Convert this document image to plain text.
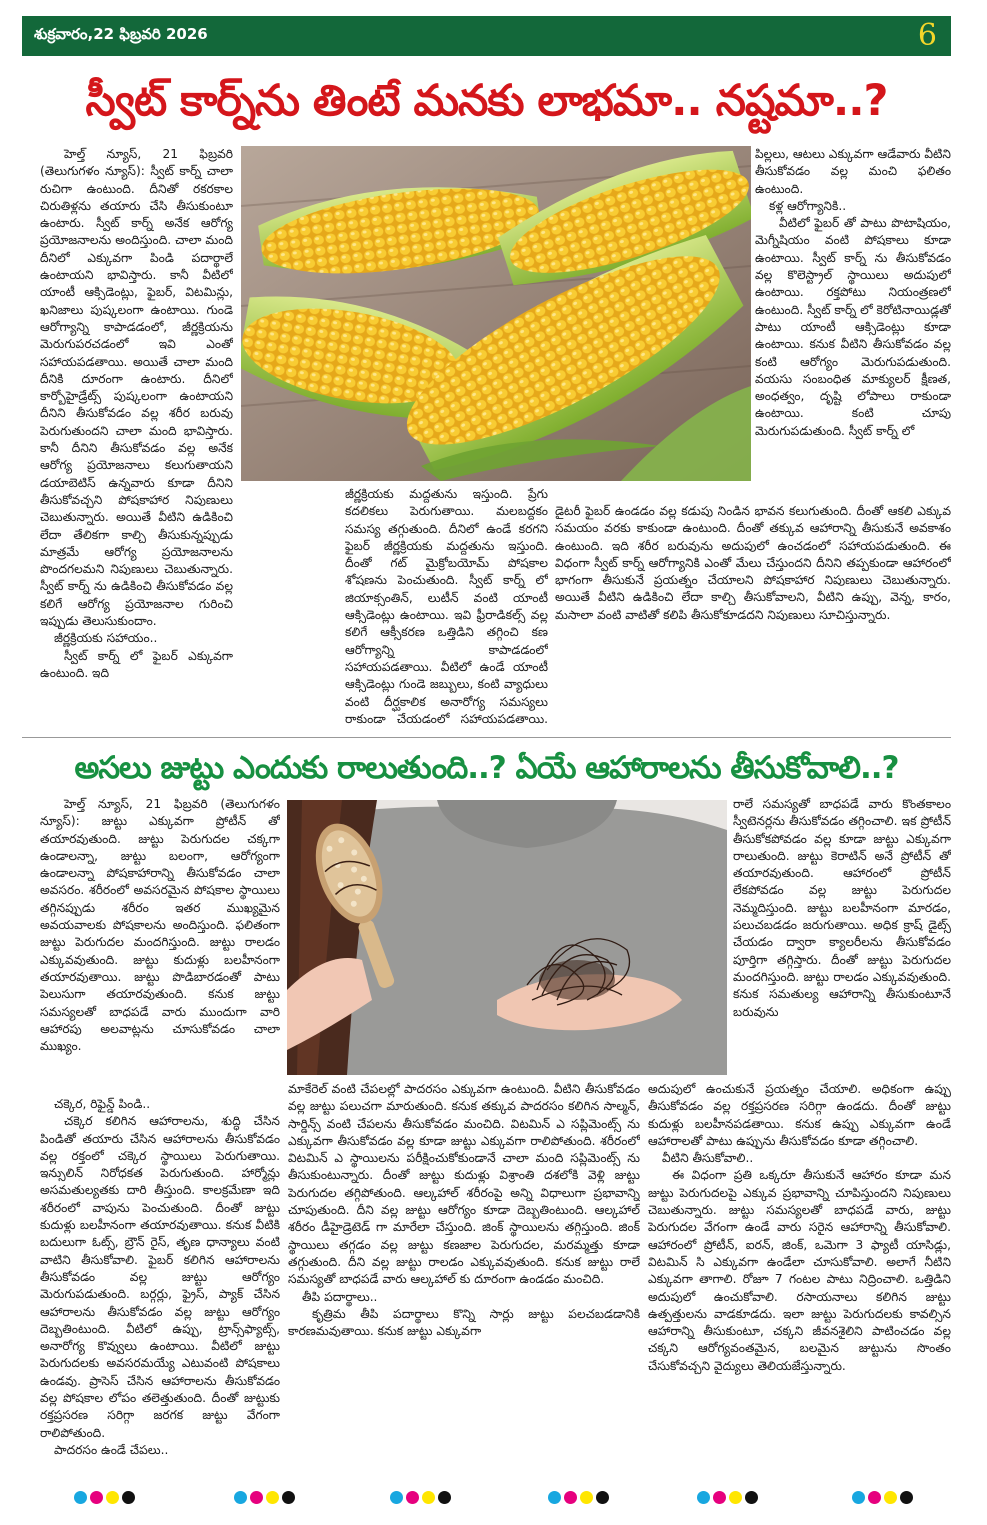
శుక్రవారం,22 ఫిబ్రవరి 2026	6
స్వీట్ కార్న్‌ను తింటే మనకు లాభమా.. నష్టమా..?

హెల్త్ న్యూస్, 21 ఫిబ్రవరి (తెలుగుగళం న్యూస్): స్వీట్ కార్న్ చాలా రుచిగా ఉంటుంది. దీనితో రకరకాల చిరుతిళ్లను తయారు చేసి తీసుకుంటూ ఉంటారు. స్వీట్ కార్న్ అనేక ఆరోగ్య ప్రయోజనాలను అందిస్తుంది. చాలా మంది దీనిలో ఎక్కువగా పిండి పదార్థాలే ఉంటాయని భావిస్తారు. కానీ వీటిలో యాంటీ ఆక్సిడెంట్లు, ఫైబర్, విటమిన్లు, ఖనిజాలు పుష్కలంగా ఉంటాయి. గుండె ఆరోగ్యాన్ని కాపాడడంలో, జీర్ణక్రియను మెరుగుపరచడంలో ఇవి ఎంతో సహాయపడతాయి. అయితే చాలా మంది దీనికి దూరంగా ఉంటారు. దీనిలో కార్బోహైడ్రేట్స్ పుష్కలంగా ఉంటాయని దీనిని తీసుకోవడం వల్ల శరీర బరువు పెరుగుతుందని చాలా మంది భావిస్తారు. కానీ దీనిని తీసుకోవడం వల్ల అనేక ఆరోగ్య ప్రయోజనాలు కలుగుతాయని డయాబెటిస్ ఉన్నవారు కూడా దీనిని తీసుకోవచ్చని పోషకాహార నిపుణులు చెబుతున్నారు. అయితే వీటిని ఉడికించి లేదా తేలికగా కాల్చి తీసుకున్నప్పుడు మాత్రమే ఆరోగ్య ప్రయోజనాలను పొందగలమని నిపుణులు చెబుతున్నారు. స్వీట్ కార్న్ ను ఉడికించి తీసుకోవడం వల్ల కలిగే ఆరోగ్య ప్రయోజనాల గురించి ఇప్పుడు తెలుసుకుందాం.

జీర్ణక్రియకు సహాయం..

స్వీట్ కార్న్ లో ఫైబర్ ఎక్కువగా ఉంటుంది. ఇది

జీర్ణక్రియకు మద్దతును ఇస్తుంది. ప్రేగు కదలికలు పెరుగుతాయి. మలబద్దకం సమస్య తగ్గుతుంది. దీనిలో ఉండే కరగని ఫైబర్ జీర్ణక్రియకు మద్దతును ఇస్తుంది. దీంతో గట్ మైక్రోబయోమ్ పోషకాల శోషణను పెంచుతుంది. స్వీట్ కార్న్ లో జియాక్సంతిన్, లుటీన్ వంటి యాంటీ ఆక్సిడెంట్లు ఉంటాయి. ఇవి ఫ్రీరాడికల్స్ వల్ల కలిగే ఆక్సీకరణ ఒత్తిడిని తగ్గించి కణ ఆరోగ్యాన్ని కాపాడడంలో సహాయపడతాయి. వీటిలో ఉండే యాంటీ ఆక్సిడెంట్లు గుండె జబ్బులు, కంటి వ్యాధులు వంటి దీర్ఘకాలిక అనారోగ్య సమస్యలు రాకుండా చేయడంలో సహాయపడతాయి.

పిల్లలు, ఆటలు ఎక్కువగా ఆడేవారు వీటిని తీసుకోవడం వల్ల మంచి ఫలితం ఉంటుంది.

కళ్ల ఆరోగ్యానికి..

వీటిలో ఫైబర్ తో పాటు పొటాషియం, మెగ్నీషియం వంటి పోషకాలు కూడా ఉంటాయి. స్వీట్ కార్న్ ను తీసుకోవడం వల్ల కొలెస్ట్రాల్ స్థాయిలు అదుపులో ఉంటాయి. రక్తపోటు నియంత్రణలో ఉంటుంది. స్వీట్ కార్న్ లో కెరోటినాయిడ్లతో పాటు యాంటీ ఆక్సిడెంట్లు కూడా ఉంటాయి. కనుక వీటిని తీసుకోవడం వల్ల కంటి ఆరోగ్యం మెరుగుపడుతుంది. వయసు సంబంధిత మాక్యులర్ క్షీణత, అంధత్వం, దృష్టి లోపాలు రాకుండా ఉంటాయి. కంటి చూపు మెరుగుపడుతుంది. స్వీట్ కార్న్ లో

డైటరీ ఫైబర్ ఉండడం వల్ల కడుపు నిండిన భావన కలుగుతుంది. దీంతో ఆకలి ఎక్కువ సమయం వరకు కాకుండా ఉంటుంది. దీంతో తక్కువ ఆహారాన్ని తీసుకునే అవకాశం ఉంటుంది. ఇది శరీర బరువును అదుపులో ఉంచడంలో సహాయపడుతుంది. ఈ విధంగా స్వీట్ కార్న్ ఆరోగ్యానికి ఎంతో మేలు చేస్తుందని దీనిని తప్పకుండా ఆహారంలో భాగంగా తీసుకునే ప్రయత్నం చేయాలని పోషకాహార నిపుణులు చెబుతున్నారు. అయితే వీటిని ఉడికించి లేదా కాల్చి తీసుకోవాలని, వీటిని ఉప్పు, వెన్న, కారం, మసాలా వంటి వాటితో కలిపి తీసుకోకూడదని నిపుణులు సూచిస్తున్నారు.

అసలు జుట్టు ఎందుకు రాలుతుంది..? ఏయే ఆహారాలను తీసుకోవాలి..?

హెల్త్ న్యూస్, 21 ఫిబ్రవరి (తెలుగుగళం న్యూస్): జుట్టు ఎక్కువగా ప్రోటీన్ తో తయారవుతుంది. జుట్టు పెరుగుదల చక్కగా ఉండాలన్నా, జుట్టు బలంగా, ఆరోగ్యంగా ఉండాలన్నా పోషకాహారాన్ని తీసుకోవడం చాలా అవసరం. శరీరంలో అవసరమైన పోషకాల స్థాయిలు తగ్గినప్పుడు శరీరం ఇతర ముఖ్యమైన అవయవాలకు పోషకాలను అందిస్తుంది. ఫలితంగా జుట్టు పెరుగుదల మందగిస్తుంది. జుట్టు రాలడం ఎక్కువవుతుంది. జుట్టు కుదుళ్లు బలహీనంగా తయారవుతాయి. జుట్టు పొడిబారడంతో పాటు పెలుసుగా తయారవుతుంది. కనుక జుట్టు సమస్యలతో బాధపడే వారు ముందుగా వారి ఆహారపు అలవాట్లను చూసుకోవడం చాలా ముఖ్యం.

చక్కెర, రిఫైన్డ్ పిండి..

చక్కెర కలిగిన ఆహారాలను, శుద్ధి చేసిన పిండితో తయారు చేసిన ఆహారాలను తీసుకోవడం వల్ల రక్తంలో చక్కెర స్థాయిలు పెరుగుతాయి. ఇన్సులిన్ నిరోధకత పెరుగుతుంది. హార్మోన్లు అసమతుల్యతకు దారి తీస్తుంది. కాలక్రమేణా ఇది శరీరంలో వాపును పెంచుతుంది. దీంతో జుట్టు కుదుళ్లు బలహీనంగా తయారవుతాయి. కనుక వీటికి బదులుగా ఓట్స్, బ్రౌన్ రైస్, తృణ ధాన్యాలు వంటి వాటిని తీసుకోవాలి. ఫైబర్ కలిగిన ఆహారాలను తీసుకోవడం వల్ల జుట్టు ఆరోగ్యం మెరుగుపడుతుంది. బర్గర్లు, ఫ్రైస్, ప్యాక్ చేసిన ఆహారాలను తీసుకోవడం వల్ల జుట్టు ఆరోగ్యం దెబ్బతింటుంది. వీటిలో ఉప్పు, ట్రాన్స్‌ఫ్యాట్స్, అనారోగ్య కొవ్వులు ఉంటాయి. వీటిలో జుట్టు పెరుగుదలకు అవసరమయ్యే ఎటువంటి పోషకాలు ఉండవు. ప్రాసెస్ చేసిన ఆహారాలను తీసుకోవడం వల్ల పోషకాల లోపం తలెత్తుతుంది. దీంతో జుట్టుకు రక్తప్రసరణ సరిగ్గా జరగక జుట్టు వేగంగా రాలిపోతుంది.

పాదరసం ఉండే చేపలు..

మాకేరెల్ వంటి చేపలల్లో పాదరసం ఎక్కువగా ఉంటుంది. వీటిని తీసుకోవడం వల్ల జుట్టు పలుచగా మారుతుంది. కనుక తక్కువ పాదరసం కలిగిన సాల్మన్, సార్డిన్స్ వంటి చేపలను తీసుకోవడం మంచిది. విటమిన్ ఎ సప్లిమెంట్స్ ను ఎక్కువగా తీసుకోవడం వల్ల కూడా జుట్టు ఎక్కువగా రాలిపోతుంది. శరీరంలో విటమిన్ ఎ స్థాయిలను పరీక్షించుకోకుండానే చాలా మంది సప్లిమెంట్స్ ను తీసుకుంటున్నారు. దీంతో జుట్టు కుదుళ్లు విశ్రాంతి దశలోకి వెళ్లి జుట్టు పెరుగుదల తగ్గిపోతుంది. ఆల్కహాల్ శరీరంపై అన్ని విధాలుగా ప్రభావాన్ని చూపుతుంది. దీని వల్ల జుట్టు ఆరోగ్యం కూడా దెబ్బతింటుంది. ఆల్కహాల్ శరీరం డీహైడ్రెటెడ్ గా మారేలా చేస్తుంది. జింక్ స్థాయిలను తగ్గిస్తుంది. జింక్ స్థాయిలు తగ్గడం వల్ల జుట్టు కణజాల పెరుగుదల, మరమ్మత్తు కూడా తగ్గుతుంది. దీని వల్ల జుట్టు రాలడం ఎక్కువవుతుంది. కనుక జుట్టు రాలే సమస్యతో బాధపడే వారు ఆల్కహాల్ కు దూరంగా ఉండడం మంచిది.

తీపి పదార్థాలు..

కృత్రిమ తీపి పదార్థాలు కొన్ని సార్లు జుట్టు పలచబడడానికి కారణమవుతాయి. కనుక జుట్టు ఎక్కువగా

రాలే సమస్యతో బాధపడే వారు కొంతకాలం స్వీటెనర్లను తీసుకోవడం తగ్గించాలి. ఇక ప్రోటీన్ తీసుకోకపోవడం వల్ల కూడా జుట్టు ఎక్కువగా రాలుతుంది. జుట్టు కెరాటిన్ అనే ప్రోటీన్ తో తయారవుతుంది. ఆహారంలో ప్రోటీన్ లేకపోవడం వల్ల జుట్టు పెరుగుదల నెమ్మదిస్తుంది. జుట్టు బలహీనంగా మారడం, పలుచబడడం జరుగుతాయి. అధిక క్రాష్ డైట్స్ చేయడం ద్వారా క్యాలరీలను తీసుకోవడం పూర్తిగా తగ్గిస్తారు. దీంతో జుట్టు పెరుగుదల మందగిస్తుంది. జుట్టు రాలడం ఎక్కువవుతుంది. కనుక సమతుల్య ఆహారాన్ని తీసుకుంటూనే బరువును

అదుపులో ఉంచుకునే ప్రయత్నం చేయాలి. అధికంగా ఉప్పు తీసుకోవడం వల్ల రక్తప్రసరణ సరిగ్గా ఉండదు. దీంతో జుట్టు కుదుళ్లు బలహీనపడతాయి. కనుక ఉప్పు ఎక్కువగా ఉండే ఆహారాలతో పాటు ఉప్పును తీసుకోవడం కూడా తగ్గించాలి.

వీటిని తీసుకోవాలి..

ఈ విధంగా ప్రతి ఒక్కరూ తీసుకునే ఆహారం కూడా మన జుట్టు పెరుగుదలపై ఎక్కువ ప్రభావాన్ని చూపిస్తుందని నిపుణులు చెబుతున్నారు. జుట్టు సమస్యలతో బాధపడే వారు, జుట్టు పెరుగుదల వేగంగా ఉండే వారు సరైన ఆహారాన్ని తీసుకోవాలి. ఆహారంలో ప్రోటీన్, ఐరన్, జింక్, ఒమెగా 3 ఫ్యాటీ యాసిడ్లు, విటమిన్ సి ఎక్కువగా ఉండేలా చూసుకోవాలి. అలాగే నీటిని ఎక్కువగా తాగాలి. రోజూ 7 గంటల పాటు నిద్రించాలి. ఒత్తిడిని అదుపులో ఉంచుకోవాలి. రసాయనాలు కలిగిన జుట్టు ఉత్పత్తులను వాడకూడదు. ఇలా జుట్టు పెరుగుదలకు కావల్సిన ఆహారాన్ని తీసుకుంటూ, చక్కని జీవనశైలిని పాటించడం వల్ల చక్కని ఆరోగ్యవంతమైన, బలమైన జుట్టును సొంతం చేసుకోవచ్చని వైద్యులు తెలియజేస్తున్నారు.
